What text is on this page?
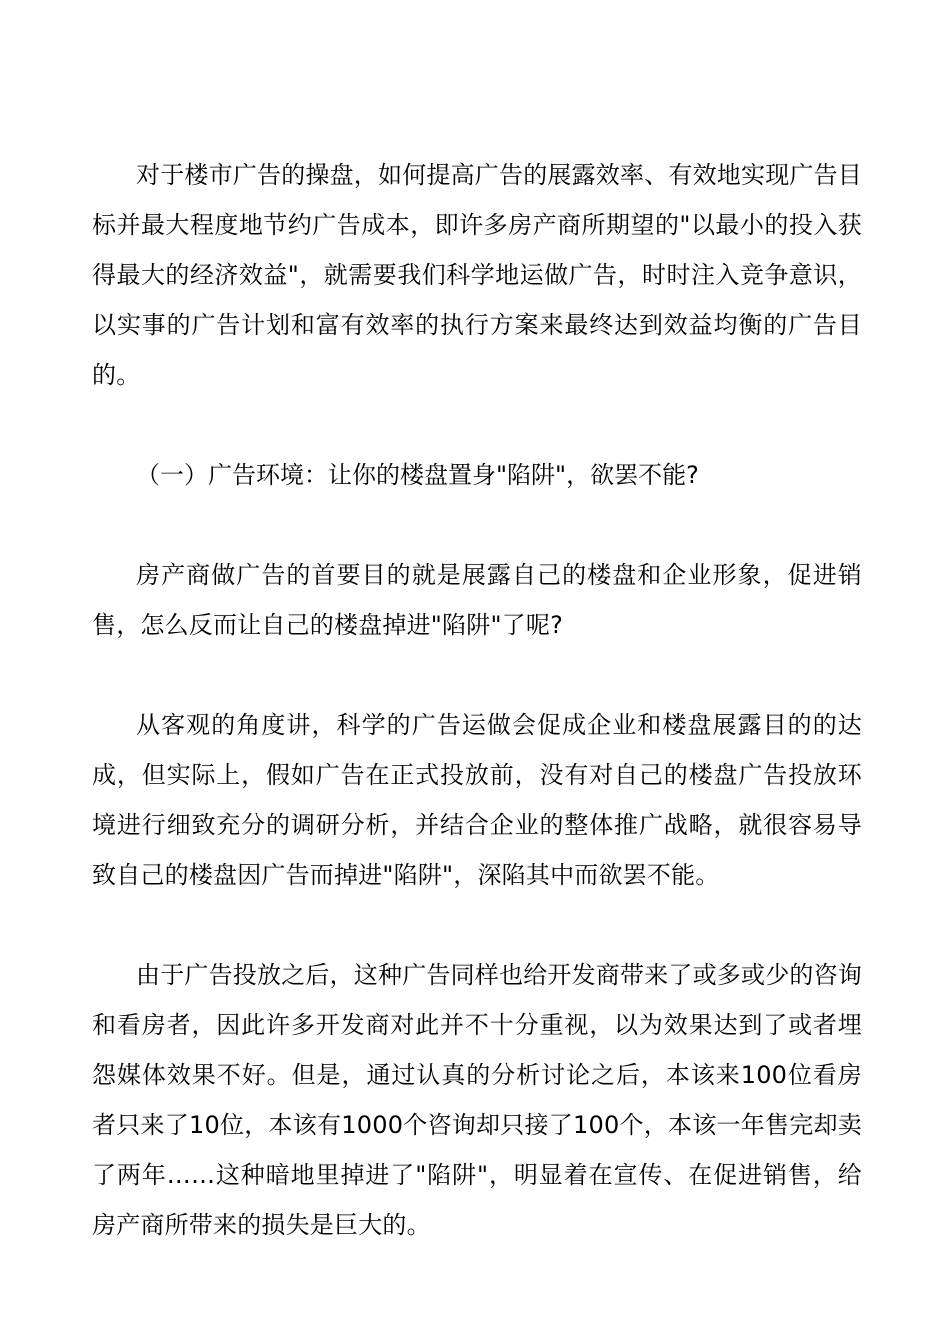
对于楼市广告的操盘，如何提高广告的展露效率、有效地实现广告目标并最大程度地节约广告成本，即许多房产商所期望的"以最小的投入获得最大的经济效益"，就需要我们科学地运做广告，时时注入竞争意识，以实事的广告计划和富有效率的执行方案来最终达到效益均衡的广告目的。

（一）广告环境：让你的楼盘置身"陷阱"，欲罢不能?

房产商做广告的首要目的就是展露自己的楼盘和企业形象，促进销售，怎么反而让自己的楼盘掉进"陷阱"了呢?

从客观的角度讲，科学的广告运做会促成企业和楼盘展露目的的达成，但实际上，假如广告在正式投放前，没有对自己的楼盘广告投放环境进行细致充分的调研分析，并结合企业的整体推广战略，就很容易导致自己的楼盘因广告而掉进"陷阱"，深陷其中而欲罢不能。

由于广告投放之后，这种广告同样也给开发商带来了或多或少的咨询和看房者，因此许多开发商对此并不十分重视，以为效果达到了或者埋怨媒体效果不好。但是，通过认真的分析讨论之后，本该来100位看房者只来了10位，本该有1000个咨询却只接了100个，本该一年售完却卖了两年……这种暗地里掉进了"陷阱"，明显着在宣传、在促进销售，给房产商所带来的损失是巨大的。
